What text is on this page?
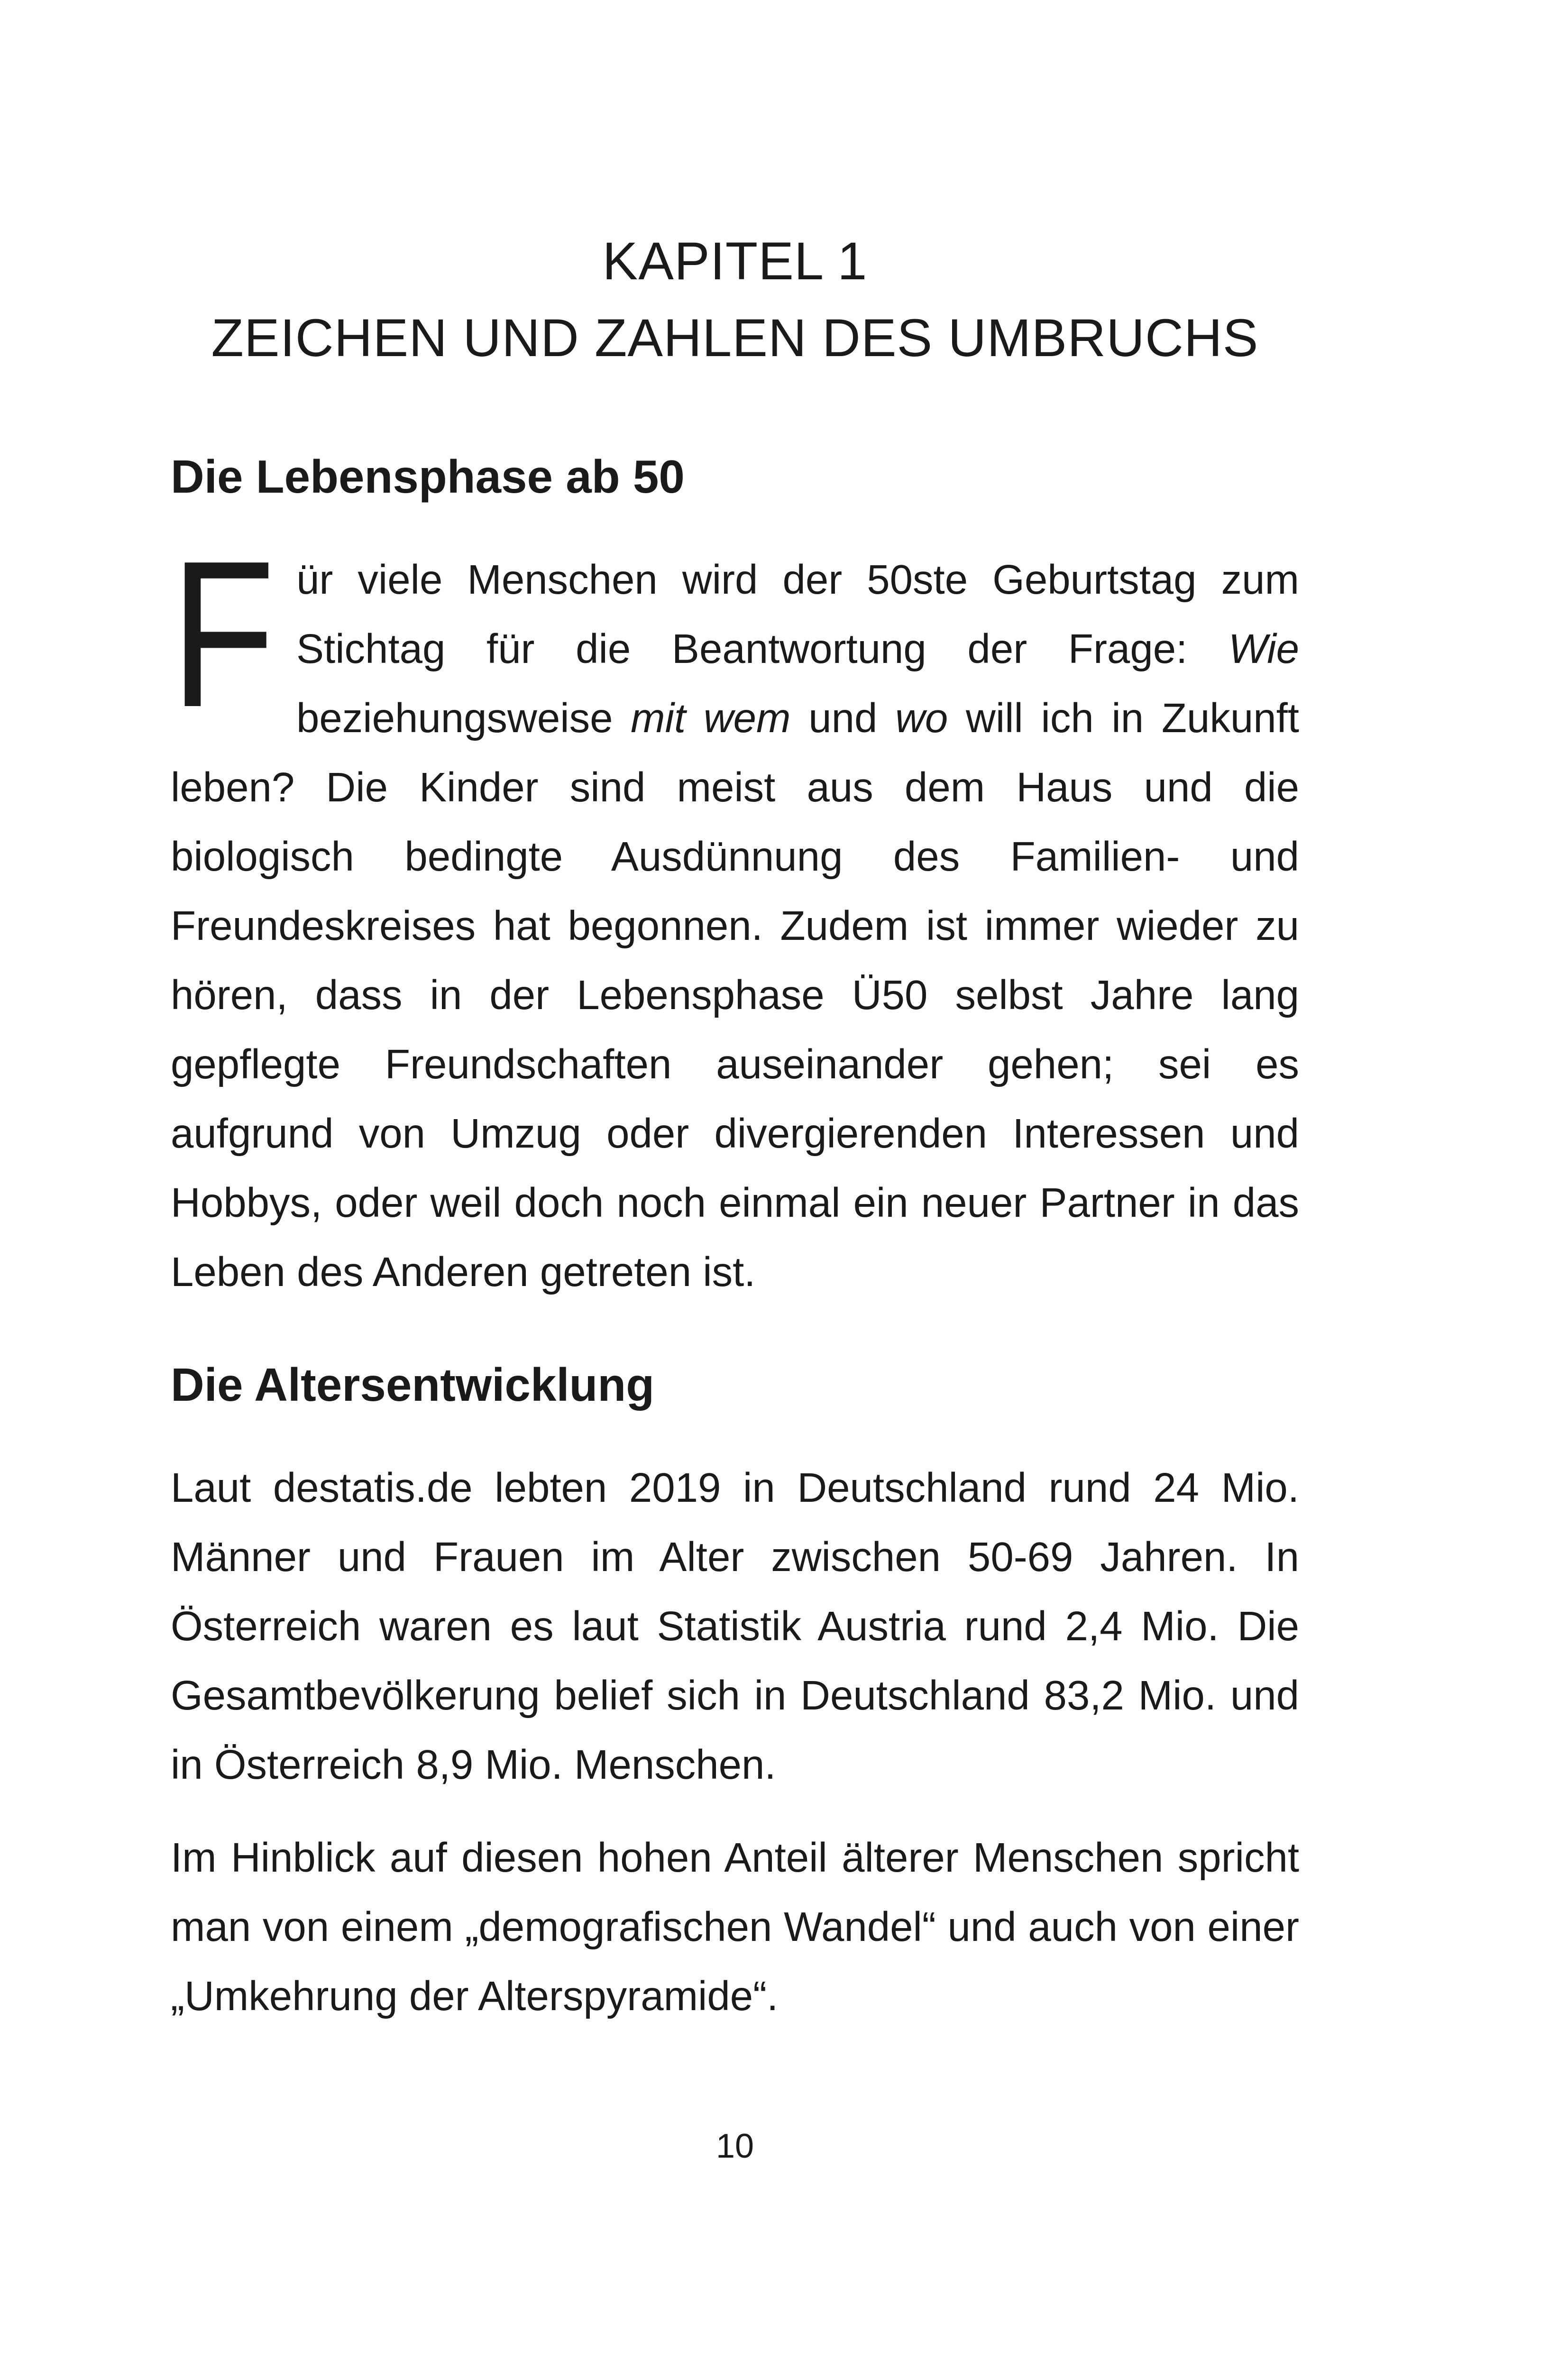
KAPITEL 1
ZEICHEN UND ZAHLEN DES UMBRUCHS
Die Lebensphase ab 50

Für viele Menschen wird der 50ste Geburtstag zum Stichtag für die Beantwortung der Frage: Wie beziehungsweise mit wem und wo will ich in Zukunft leben? Die Kinder sind meist aus dem Haus und die biologisch bedingte Ausdünnung des Familien- und Freundeskreises hat begonnen. Zudem ist immer wieder zu hören, dass in der Lebensphase Ü50 selbst Jahre lang gepflegte Freundschaften auseinander gehen; sei es aufgrund von Umzug oder divergierenden Interessen und Hobbys, oder weil doch noch einmal ein neuer Partner in das Leben des Anderen getreten ist.

Die Altersentwicklung

Laut destatis.de lebten 2019 in Deutschland rund 24 Mio. Männer und Frauen im Alter zwischen 50-69 Jahren. In Österreich waren es laut Statistik Austria rund 2,4 Mio. Die Gesamtbevölkerung belief sich in Deutschland 83,2 Mio. und in Österreich 8,9 Mio. Menschen.

Im Hinblick auf diesen hohen Anteil älterer Menschen spricht man von einem „demografischen Wandel“ und auch von einer „Umkehrung der Alterspyramide“.

10
